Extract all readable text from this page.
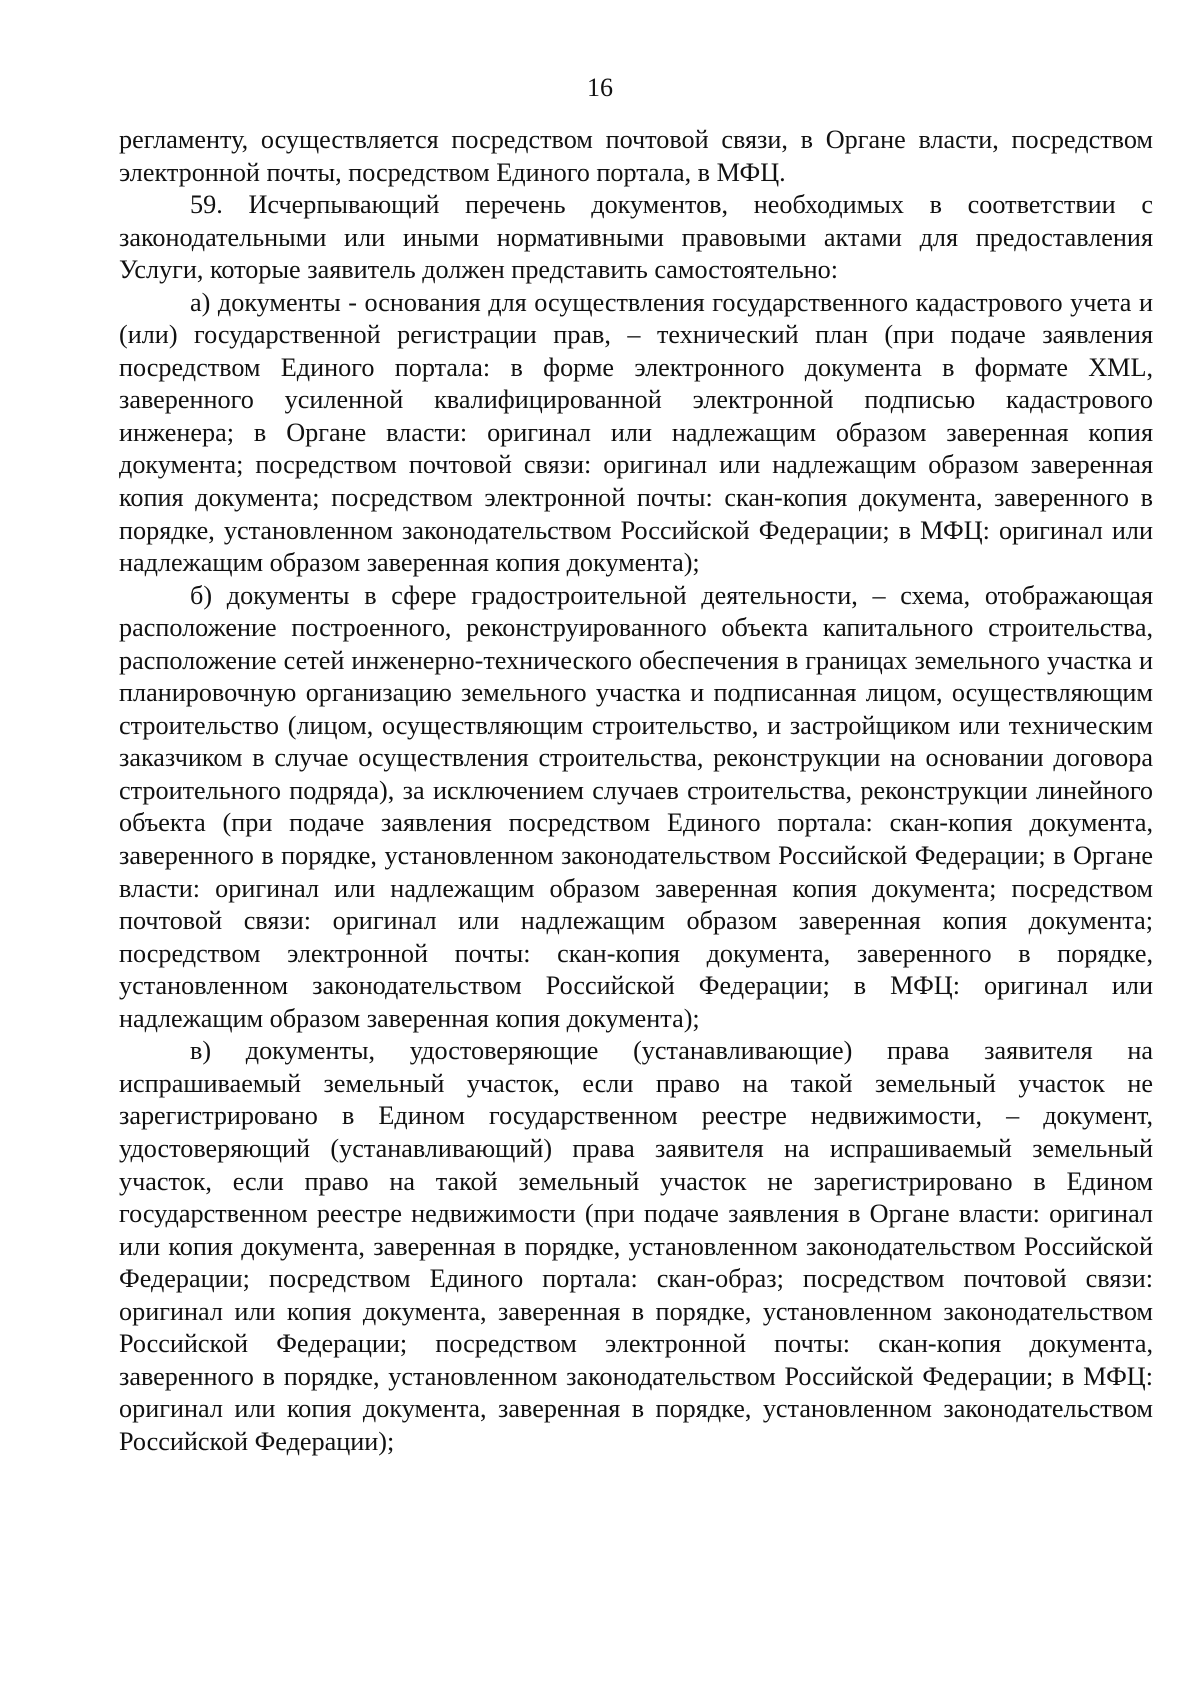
16

регламенту, осуществляется посредством почтовой связи, в Органе власти, посредством электронной почты, посредством Единого портала, в МФЦ.

59. Исчерпывающий перечень документов, необходимых в соответствии с законодательными или иными нормативными правовыми актами для предоставления Услуги, которые заявитель должен представить самостоятельно:

а) документы - основания для осуществления государственного кадастрового учета и (или) государственной регистрации прав, – технический план (при подаче заявления посредством Единого портала: в форме электронного документа в формате XML, заверенного усиленной квалифицированной электронной подписью кадастрового инженера; в Органе власти: оригинал или надлежащим образом заверенная копия документа; посредством почтовой связи: оригинал или надлежащим образом заверенная копия документа; посредством электронной почты: скан-копия документа, заверенного в порядке, установленном законодательством Российской Федерации; в МФЦ: оригинал или надлежащим образом заверенная копия документа);

б) документы в сфере градостроительной деятельности, – схема, отображающая расположение построенного, реконструированного объекта капитального строительства, расположение сетей инженерно-технического обеспечения в границах земельного участка и планировочную организацию земельного участка и подписанная лицом, осуществляющим строительство (лицом, осуществляющим строительство, и застройщиком или техническим заказчиком в случае осуществления строительства, реконструкции на основании договора строительного подряда), за исключением случаев строительства, реконструкции линейного объекта (при подаче заявления посредством Единого портала: скан-копия документа, заверенного в порядке, установленном законодательством Российской Федерации; в Органе власти: оригинал или надлежащим образом заверенная копия документа; посредством почтовой связи: оригинал или надлежащим образом заверенная копия документа; посредством электронной почты: скан-копия документа, заверенного в порядке, установленном законодательством Российской Федерации; в МФЦ: оригинал или надлежащим образом заверенная копия документа);

в) документы, удостоверяющие (устанавливающие) права заявителя на испрашиваемый земельный участок, если право на такой земельный участок не зарегистрировано в Едином государственном реестре недвижимости, – документ, удостоверяющий (устанавливающий) права заявителя на испрашиваемый земельный участок, если право на такой земельный участок не зарегистрировано в Едином государственном реестре недвижимости (при подаче заявления в Органе власти: оригинал или копия документа, заверенная в порядке, установленном законодательством Российской Федерации; посредством Единого портала: скан-образ; посредством почтовой связи: оригинал или копия документа, заверенная в порядке, установленном законодательством Российской Федерации; посредством электронной почты: скан-копия документа, заверенного в порядке, установленном законодательством Российской Федерации; в МФЦ: оригинал или копия документа, заверенная в порядке, установленном законодательством Российской Федерации);
